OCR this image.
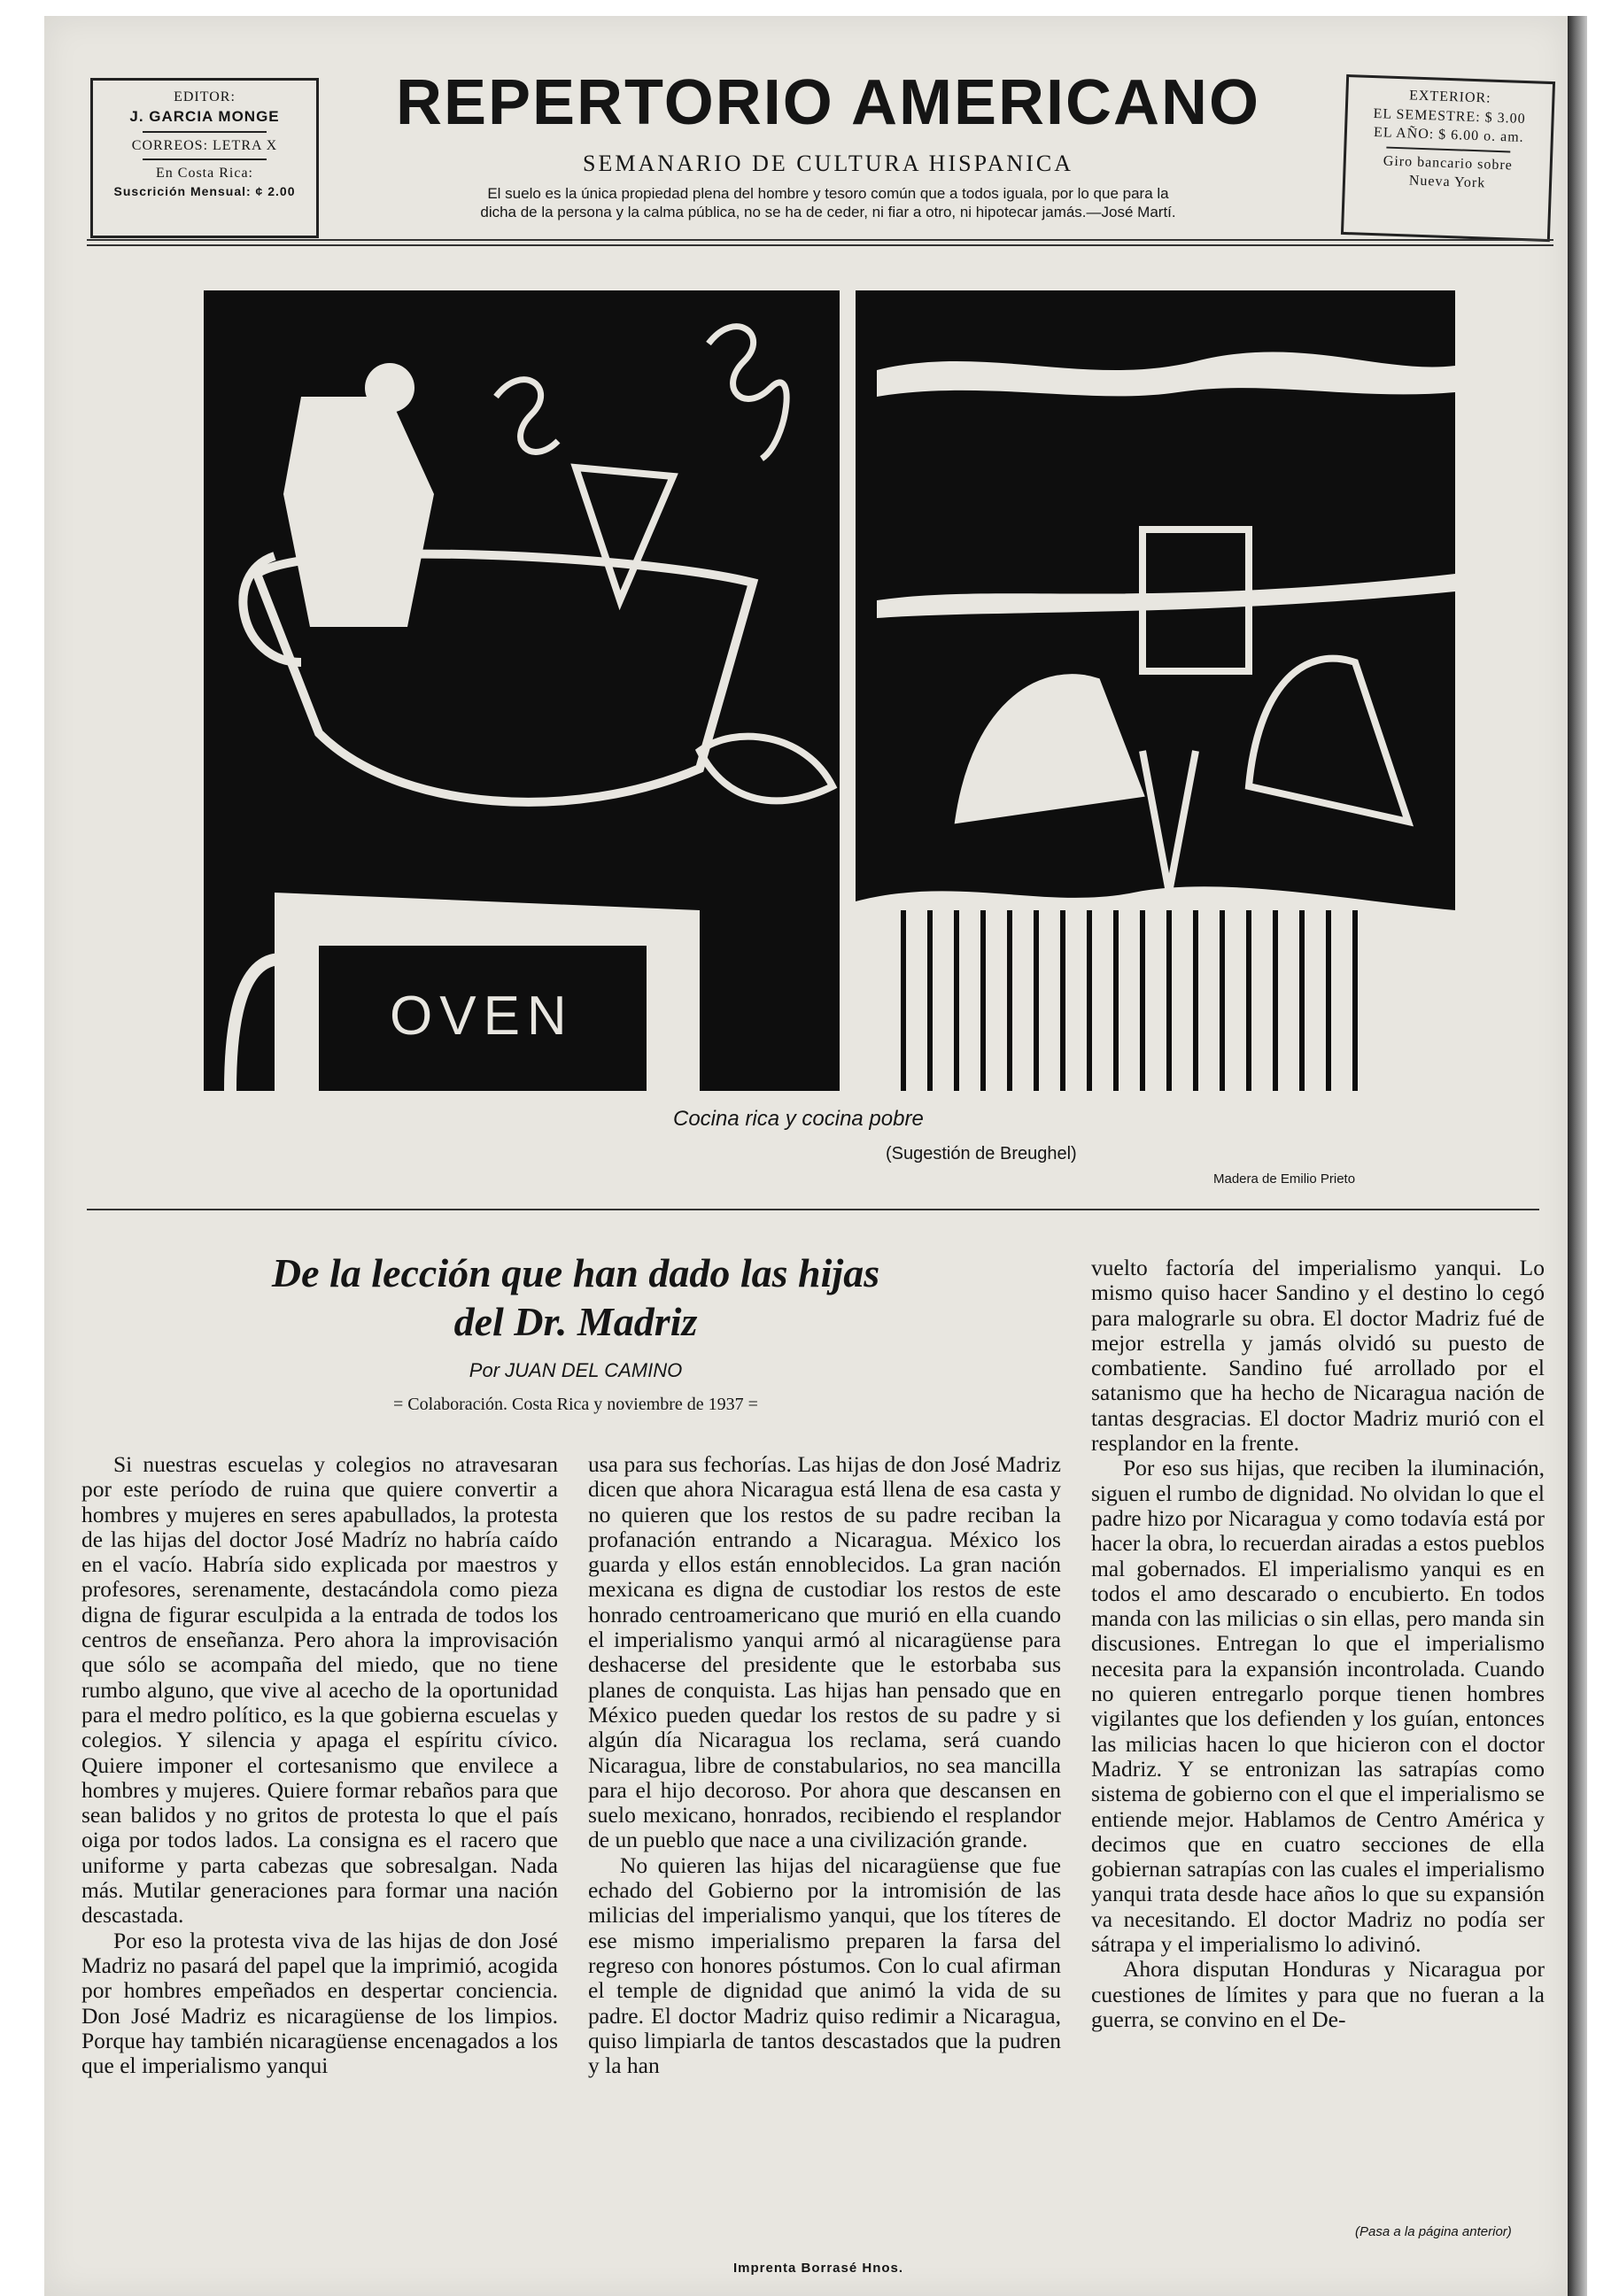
EDITOR:
J. GARCIA MONGE
CORREOS: LETRA X
En Costa Rica:
Suscrición Mensual: ¢ 2.00
REPERTORIO AMERICANO
SEMANARIO DE CULTURA HISPANICA
El suelo es la única propiedad plena del hombre y tesoro común que a todos iguala, por lo que para la
dicha de la persona y la calma pública, no se ha de ceder, ni fiar a otro, ni hipotecar jamás.—José Martí.
EXTERIOR:
EL SEMESTRE: $ 3.00
EL AÑO: $ 6.00 o. am.
Giro bancario sobre
Nueva York
OVEN
Cocina rica y cocina pobre
(Sugestión de Breughel)
Madera de Emilio Prieto
De la lección que han dado las hijas
del Dr. Madriz
Por JUAN DEL CAMINO
= Colaboración. Costa Rica y noviembre de 1937 =

Si nuestras escuelas y colegios no atravesaran por este período de ruina que quiere convertir a hombres y mujeres en seres apabullados, la protesta de las hijas del doctor José Madríz no habría caído en el vacío. Habría sido explicada por maestros y profesores, serenamente, destacándola como pieza digna de figurar esculpida a la entrada de todos los centros de enseñanza. Pero ahora la improvisación que sólo se acompaña del miedo, que no tiene rumbo alguno, que vive al acecho de la oportunidad para el medro político, es la que gobierna escuelas y colegios. Y silencia y apaga el espíritu cívico. Quiere imponer el cortesanismo que envilece a hombres y mujeres. Quiere formar rebaños para que sean balidos y no gritos de protesta lo que el país oiga por todos lados. La consigna es el racero que uniforme y parta cabezas que sobresalgan. Nada más. Mutilar generaciones para formar una nación descastada.

Por eso la protesta viva de las hijas de don José Madriz no pasará del papel que la imprimió, acogida por hombres empeñados en despertar conciencia. Don José Madriz es nicaragüense de los limpios. Porque hay también nicaragüense encenagados a los que el imperialismo yanqui

usa para sus fechorías. Las hijas de don José Madriz dicen que ahora Nicaragua está llena de esa casta y no quieren que los restos de su padre reciban la profanación entrando a Nicaragua. México los guarda y ellos están ennoblecidos. La gran nación mexicana es digna de custodiar los restos de este honrado centroamericano que murió en ella cuando el imperialismo yanqui armó al nicaragüense para deshacerse del presidente que le estorbaba sus planes de conquista. Las hijas han pensado que en México pueden quedar los restos de su padre y si algún día Nicaragua los reclama, será cuando Nicaragua, libre de constabularios, no sea mancilla para el hijo decoroso. Por ahora que descansen en suelo mexicano, honrados, recibiendo el resplandor de un pueblo que nace a una civilización grande.

No quieren las hijas del nicaragüense que fue echado del Gobierno por la intromisión de las milicias del imperialismo yanqui, que los títeres de ese mismo imperialismo preparen la farsa del regreso con honores póstumos. Con lo cual afirman el temple de dignidad que animó la vida de su padre. El doctor Madriz quiso redimir a Nicaragua, quiso limpiarla de tantos descastados que la pudren y la han

vuelto factoría del imperialismo yanqui. Lo mismo quiso hacer Sandino y el destino lo cegó para malograrle su obra. El doctor Madriz fué de mejor estrella y jamás olvidó su puesto de combatiente. Sandino fué arrollado por el satanismo que ha hecho de Nicaragua nación de tantas desgracias. El doctor Madriz murió con el resplandor en la frente.

Por eso sus hijas, que reciben la iluminación, siguen el rumbo de dignidad. No olvidan lo que el padre hizo por Nicaragua y como todavía está por hacer la obra, lo recuerdan airadas a estos pueblos mal gobernados. El imperialismo yanqui es en todos el amo descarado o encubierto. En todos manda con las milicias o sin ellas, pero manda sin discusiones. Entregan lo que el imperialismo necesita para la expansión incontrolada. Cuando no quieren entregarlo porque tienen hombres vigilantes que los defienden y los guían, entonces las milicias hacen lo que hicieron con el doctor Madriz. Y se entronizan las satrapías como sistema de gobierno con el que el imperialismo se entiende mejor. Hablamos de Centro América y decimos que en cuatro secciones de ella gobiernan satrapías con las cuales el imperialismo yanqui trata desde hace años lo que su expansión va necesitando. El doctor Madriz no podía ser sátrapa y el imperialismo lo adivinó.

Ahora disputan Honduras y Nicaragua por cuestiones de límites y para que no fueran a la guerra, se convino en el De-

(Pasa a la página anterior)
Imprenta Borrasé Hnos.
